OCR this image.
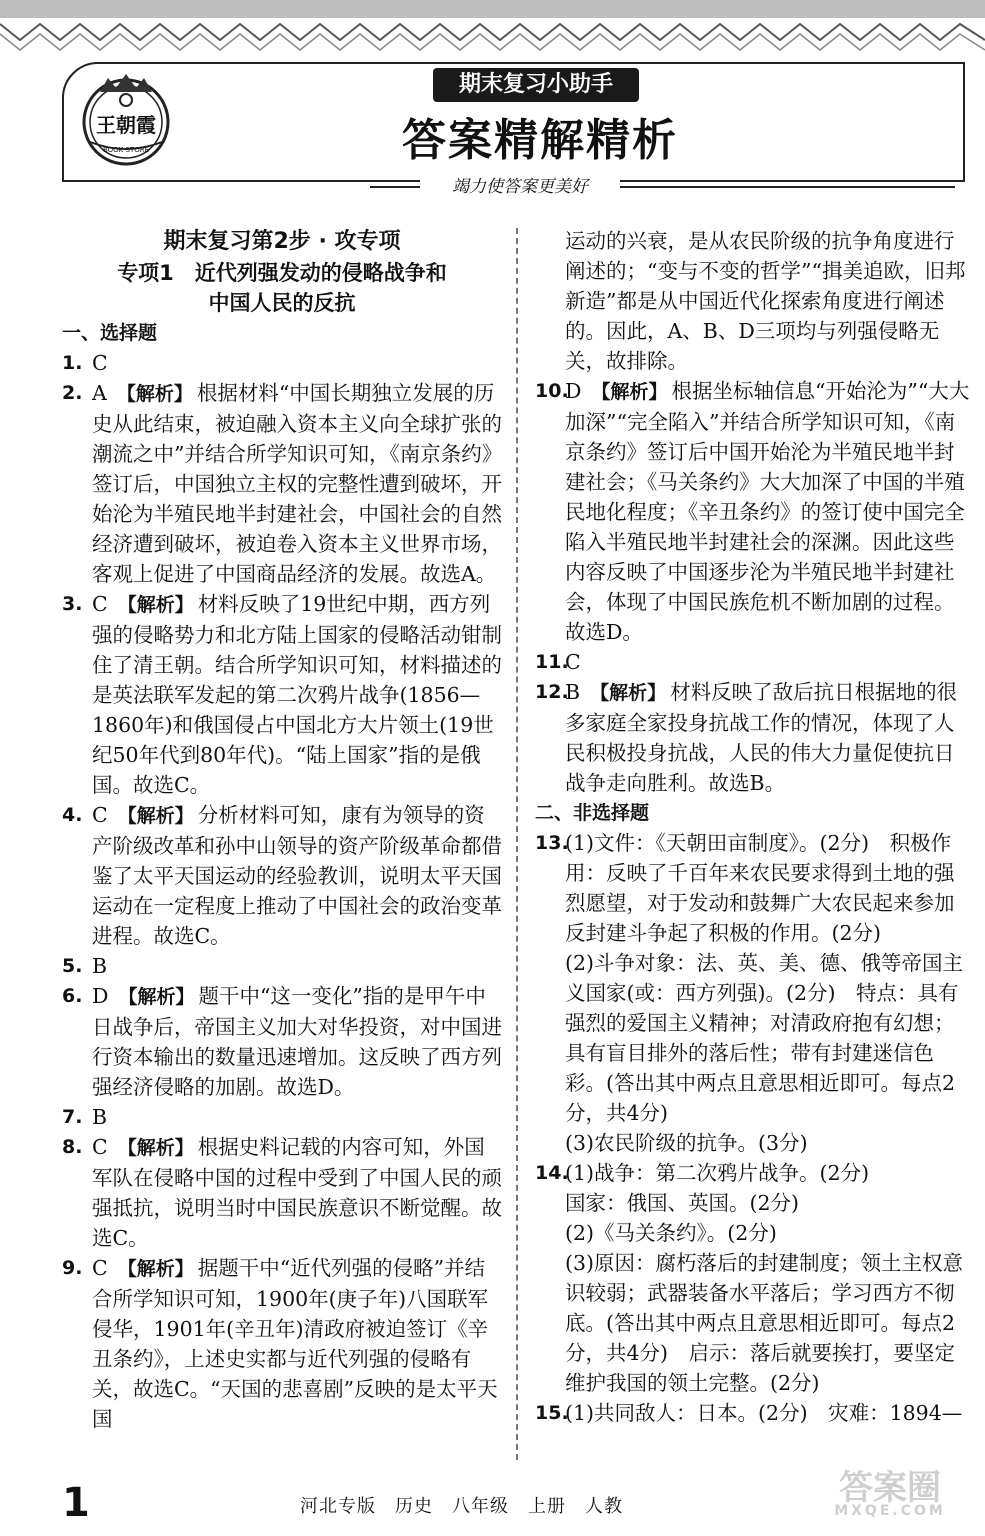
王朝霞
BOOK STORE
期末复习小助手
答案精解精析
竭力使答案更美好
期末复习第2步 · 攻专项
专项1　近代列强发动的侵略战争和
中国人民的反抗
一、选择题
1. C
2. A 【解析】 根据材料“中国长期独立发展的历史从此结束，被迫融入资本主义向全球扩张的潮流之中”并结合所学知识可知，《南京条约》签订后，中国独立主权的完整性遭到破坏，开始沦为半殖民地半封建社会，中国社会的自然经济遭到破坏，被迫卷入资本主义世界市场，客观上促进了中国商品经济的发展。故选A。
3. C 【解析】 材料反映了19世纪中期，西方列强的侵略势力和北方陆上国家的侵略活动钳制住了清王朝。结合所学知识可知，材料描述的是英法联军发起的第二次鸦片战争(1856—1860年)和俄国侵占中国北方大片领土(19世纪50年代到80年代)。“陆上国家”指的是俄国。故选C。
4. C 【解析】 分析材料可知，康有为领导的资产阶级改革和孙中山领导的资产阶级革命都借鉴了太平天国运动的经验教训，说明太平天国运动在一定程度上推动了中国社会的政治变革进程。故选C。
5. B
6. D 【解析】 题干中“这一变化”指的是甲午中日战争后，帝国主义加大对华投资，对中国进行资本输出的数量迅速增加。这反映了西方列强经济侵略的加剧。故选D。
7. B
8. C 【解析】 根据史料记载的内容可知，外国军队在侵略中国的过程中受到了中国人民的顽强抵抗，说明当时中国民族意识不断觉醒。故选C。
9. C 【解析】 据题干中“近代列强的侵略”并结合所学知识可知，1900年(庚子年)八国联军侵华，1901年(辛丑年)清政府被迫签订《辛丑条约》，上述史实都与近代列强的侵略有关，故选C。“天国的悲喜剧”反映的是太平天国
运动的兴衰，是从农民阶级的抗争角度进行阐述的；“变与不变的哲学”“揖美追欧，旧邦新造”都是从中国近代化探索角度进行阐述的。因此，A、B、D三项均与列强侵略无关，故排除。
10.
D 【解析】 根据坐标轴信息“开始沦为”“大大加深”“完全陷入”并结合所学知识可知，《南京条约》签订后中国开始沦为半殖民地半封建社会；《马关条约》大大加深了中国的半殖民地化程度；《辛丑条约》的签订使中国完全陷入半殖民地半封建社会的深渊。因此这些内容反映了中国逐步沦为半殖民地半封建社会，体现了中国民族危机不断加剧的过程。故选D。
11.
C
12.
B 【解析】 材料反映了敌后抗日根据地的很多家庭全家投身抗战工作的情况，体现了人民积极投身抗战，人民的伟大力量促使抗日战争走向胜利。故选B。
二、非选择题
13.
(1)文件：《天朝田亩制度》。(2分)　积极作用：反映了千百年来农民要求得到土地的强烈愿望，对于发动和鼓舞广大农民起来参加反封建斗争起了积极的作用。(2分)
(2)斗争对象：法、英、美、德、俄等帝国主义国家(或：西方列强)。(2分)　特点：具有强烈的爱国主义精神；对清政府抱有幻想；具有盲目排外的落后性；带有封建迷信色彩。(答出其中两点且意思相近即可。每点2分，共4分)
(3)农民阶级的抗争。(3分)
14.
(1)战争：第二次鸦片战争。(2分)
国家：俄国、英国。(2分)
(2)《马关条约》。(2分)
(3)原因：腐朽落后的封建制度；领土主权意识较弱；武器装备水平落后；学习西方不彻底。(答出其中两点且意思相近即可。每点2分，共4分)　启示：落后就要挨打，要坚定维护我国的领土完整。(2分)
15.
(1)共同敌人：日本。(2分)　灾难：1894—
1	河北专版　历史　八年级　上册　人教	答案圈
MXQE.COM
